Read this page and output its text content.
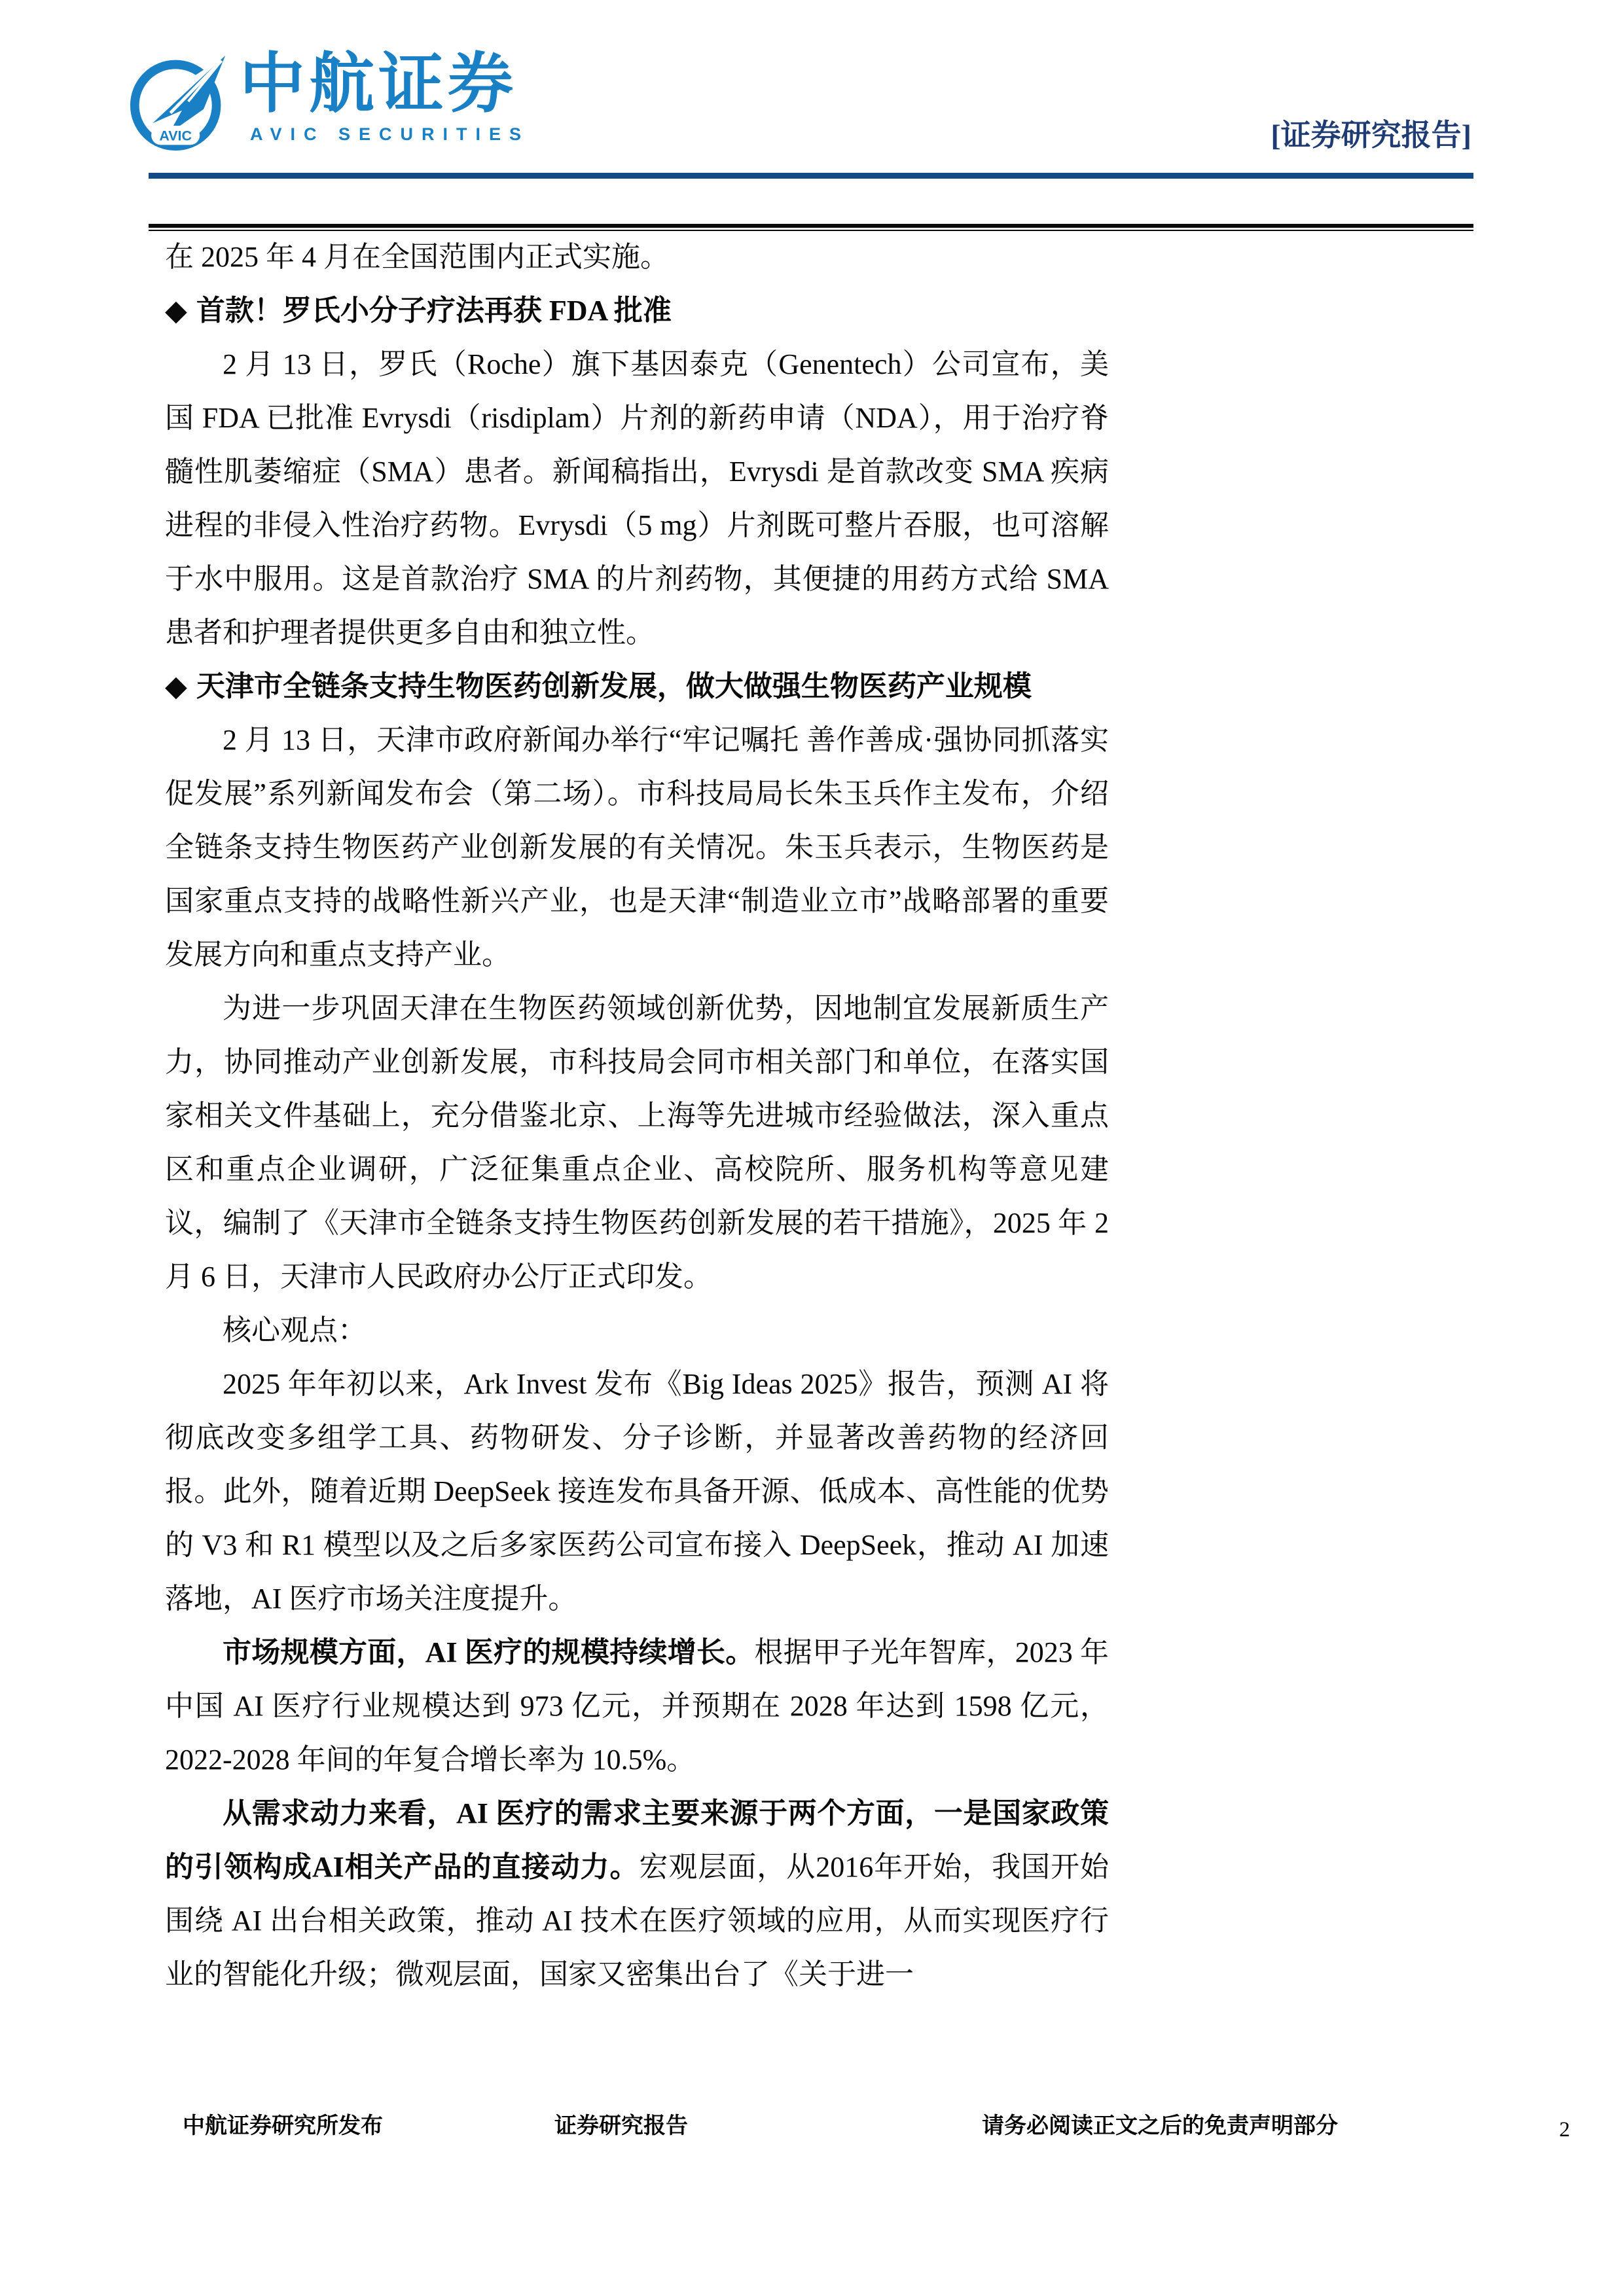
AVIC
中航证券
AVIC SECURITIES	[证券研究报告]

在 2025 年 4 月在全国范围内正式实施。

◆ 首款！罗氏小分子疗法再获 FDA 批准

2 月 13 日，罗氏（Roche）旗下基因泰克（Genentech）公司宣布，美国 FDA 已批准 Evrysdi（risdiplam）片剂的新药申请（NDA），用于治疗脊髓性肌萎缩症（SMA）患者。新闻稿指出，Evrysdi 是首款改变 SMA 疾病进程的非侵入性治疗药物。Evrysdi（5 mg）片剂既可整片吞服，也可溶解于水中服用。这是首款治疗 SMA 的片剂药物，其便捷的用药方式给 SMA 患者和护理者提供更多自由和独立性。

◆ 天津市全链条支持生物医药创新发展，做大做强生物医药产业规模

2 月 13 日，天津市政府新闻办举行“牢记嘱托 善作善成·强协同抓落实促发展”系列新闻发布会（第二场）。市科技局局长朱玉兵作主发布，介绍全链条支持生物医药产业创新发展的有关情况。朱玉兵表示，生物医药是国家重点支持的战略性新兴产业，也是天津“制造业立市”战略部署的重要发展方向和重点支持产业。

为进一步巩固天津在生物医药领域创新优势，因地制宜发展新质生产力，协同推动产业创新发展，市科技局会同市相关部门和单位，在落实国家相关文件基础上，充分借鉴北京、上海等先进城市经验做法，深入重点区和重点企业调研，广泛征集重点企业、高校院所、服务机构等意见建议，编制了《天津市全链条支持生物医药创新发展的若干措施》，2025 年 2 月 6 日，天津市人民政府办公厅正式印发。

核心观点：

2025 年年初以来，Ark Invest 发布《Big Ideas 2025》报告，预测 AI 将彻底改变多组学工具、药物研发、分子诊断，并显著改善药物的经济回报。此外，随着近期 DeepSeek 接连发布具备开源、低成本、高性能的优势的 V3 和 R1 模型以及之后多家医药公司宣布接入 DeepSeek，推动 AI 加速落地，AI 医疗市场关注度提升。

市场规模方面，AI 医疗的规模持续增长。根据甲子光年智库，2023 年中国 AI 医疗行业规模达到 973 亿元，并预期在 2028 年达到 1598 亿元，2022-2028 年间的年复合增长率为 10.5%。

从需求动力来看，AI 医疗的需求主要来源于两个方面，一是国家政策的引领构成AI相关产品的直接动力。宏观层面，从2016年开始，我国开始围绕 AI 出台相关政策，推动 AI 技术在医疗领域的应用，从而实现医疗行业的智能化升级；微观层面，国家又密集出台了《关于进一

中航证券研究所发布	证券研究报告	请务必阅读正文之后的免责声明部分	2
